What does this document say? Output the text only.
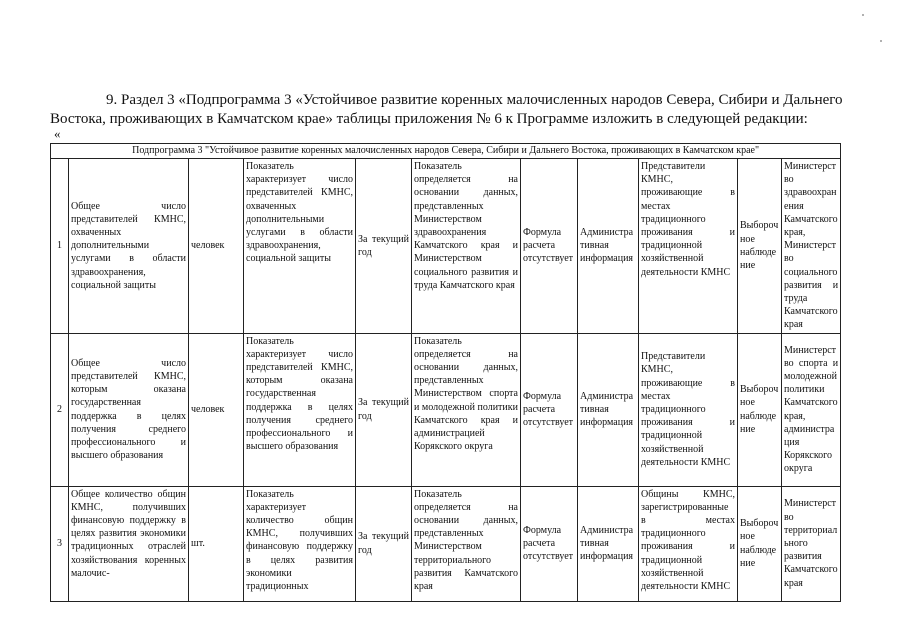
9. Раздел 3 «Подпрограмма 3 «Устойчивое развитие коренных малочисленных народов Севера, Сибири и Дальнего Востока, проживающих в Камчатском крае» таблицы приложения № 6 к Программе изложить в следующей редакции:

«
Подпрограмма 3 "Устойчивое развитие коренных малочисленных народов Севера, Сибири и Дальнего Востока, проживающих в Камчатском крае"										
1	Общее число представителей КМНС, охваченных дополнительными услугами в области здравоохранения, социальной защиты	человек	Показатель характеризует число представителей КМНС, охваченных дополнительными услугами в области здравоохранения, социальной защиты	За текущий год	Показатель определяется на основании данных, представленных Министерством здравоохранения Камчатского края и Министерством социального развития и труда Камчатского края	Формула расчета отсутствует	Административная информация	Представители КМНС, проживающие в местах традиционного проживания и традиционной хозяйственной деятельности КМНС	Выборочное наблюдение	Министерство здравоохранения Камчатского края, Министерство социального развития и труда Камчатского края
2	Общее число представителей КМНС, которым оказана государственная поддержка в целях получения среднего профессионального и высшего образования	человек	Показатель характеризует число представителей КМНС, которым оказана государственная поддержка в целях получения среднего профессионального и высшего образования	За текущий год	Показатель определяется на основании данных, представленных Министерством спорта и молодежной политики Камчатского края и администрацией Корякского округа	Формула расчета отсутствует	Административная информация	Представители КМНС, проживающие в местах традиционного проживания и традиционной хозяйственной деятельности КМНС	Выборочное наблюдение	Министерство спорта и молодежной политики Камчатского края, администрация Корякского округа
3	Общее количество общин КМНС, получивших финансовую поддержку в целях развития экономики традиционных отраслей хозяйствования коренных малочис-	шт.	Показатель характеризует количество общин КМНС, получивших финансовую поддержку в целях развития экономики традиционных	За текущий год	Показатель определяется на основании данных, представленных Министерством территориального развития Камчатского края	Формула расчета отсутствует	Административная информация	Общины КМНС, зарегистрированные в местах традиционного проживания и традиционной хозяйственной деятельности КМНС	Выборочное наблюдение	Министерство территориального развития Камчатского края
